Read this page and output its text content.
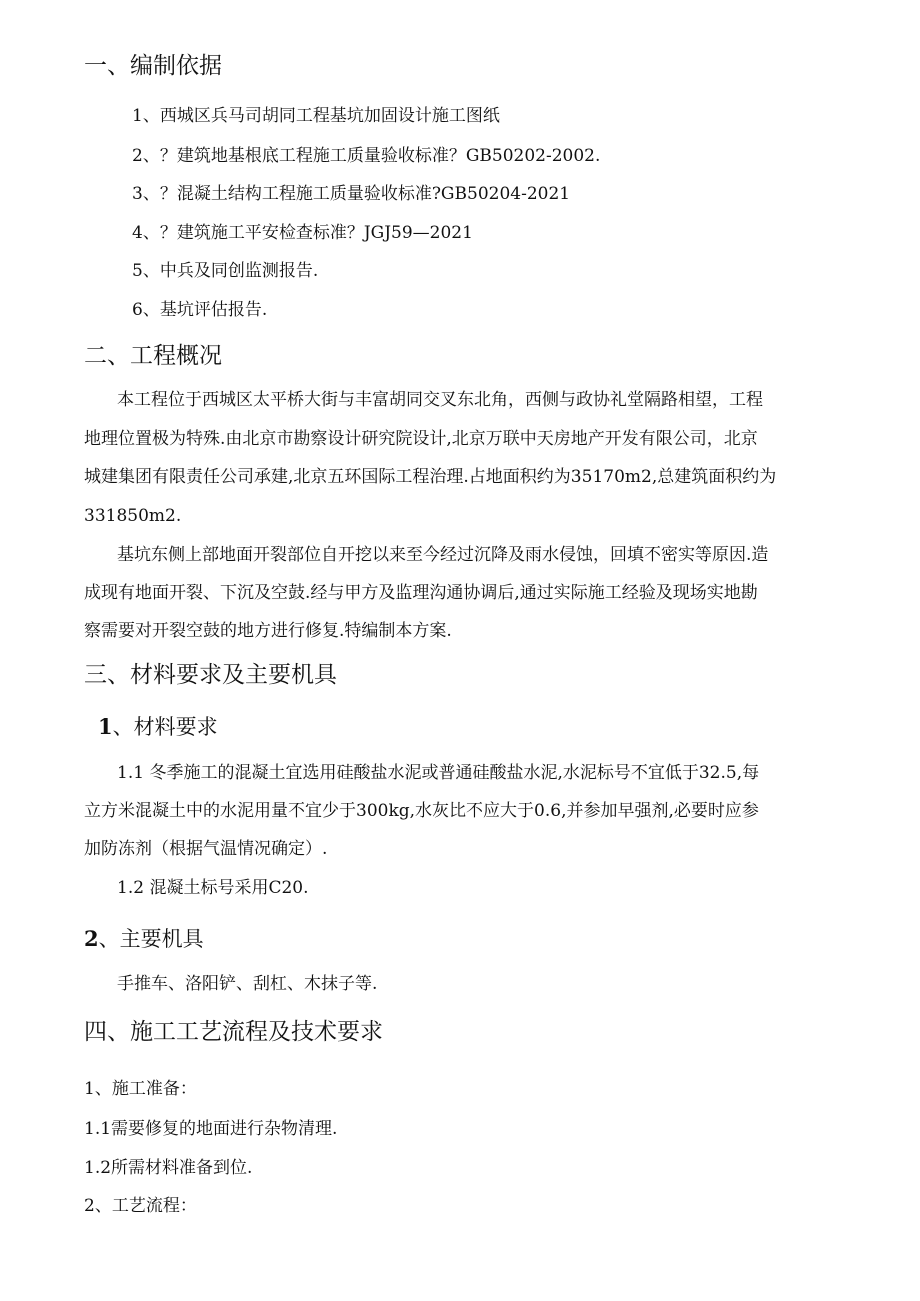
一、编制依据
1、西城区兵马司胡同工程基坑加固设计施工图纸
2、？建筑地基根底工程施工质量验收标准？GB50202-2002.
3、？混凝土结构工程施工质量验收标准?GB50204-2021
4、？建筑施工平安检查标准？JGJ59—2021
5、中兵及同创监测报告.
6、基坑评估报告.
二、工程概况
本工程位于西城区太平桥大街与丰富胡同交叉东北角，西侧与政协礼堂隔路相望，工程
地理位置极为特殊.由北京市勘察设计研究院设计,北京万联中天房地产开发有限公司，北京
城建集团有限责任公司承建,北京五环国际工程治理.占地面积约为35170m2,总建筑面积约为
331850m2.
基坑东侧上部地面开裂部位自开挖以来至今经过沉降及雨水侵蚀，回填不密实等原因.造
成现有地面开裂、下沉及空鼓.经与甲方及监理沟通协调后,通过实际施工经验及现场实地勘
察需要对开裂空鼓的地方进行修复.特编制本方案.
三、材料要求及主要机具
1、材料要求
1.1 冬季施工的混凝土宜选用硅酸盐水泥或普通硅酸盐水泥,水泥标号不宜低于32.5,每
立方米混凝土中的水泥用量不宜少于300kg,水灰比不应大于0.6,并参加早强剂,必要时应参
加防冻剂（根据气温情况确定）.
1.2 混凝土标号采用C20.
2、主要机具
手推车、洛阳铲、刮杠、木抹子等.
四、施工工艺流程及技术要求
1、施工准备：
1.1需要修复的地面进行杂物清理.
1.2所需材料准备到位.
2、工艺流程：
